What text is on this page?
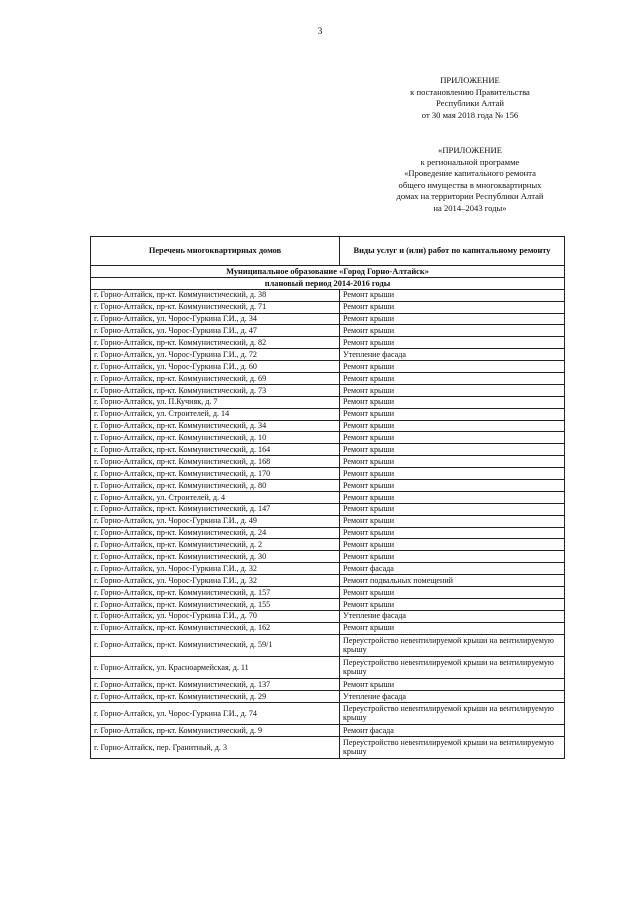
3
ПРИЛОЖЕНИЕ
к постановлению Правительства
Республики Алтай
от 30 мая 2018 года № 156
«ПРИЛОЖЕНИЕ
к региональной программе
«Проведение капитального ремонта
общего имущества в многоквартирных
домах на территории Республики Алтай
на 2014–2043 годы»
Перечень многоквартирных домов	Виды услуг и (или) работ по капитальному ремонту
Муниципальное образование «Город Горно-Алтайск»	
плановый период 2014-2016 годы	
г. Горно-Алтайск, пр-кт. Коммунистический, д. 38	Ремонт крыши
г. Горно-Алтайск, пр-кт. Коммунистический, д. 71	Ремонт крыши
г. Горно-Алтайск, ул. Чорос-Гуркина Г.И., д. 34	Ремонт крыши
г. Горно-Алтайск, ул. Чорос-Гуркина Г.И., д. 47	Ремонт крыши
г. Горно-Алтайск, пр-кт. Коммунистический, д. 82	Ремонт крыши
г. Горно-Алтайск, ул. Чорос-Гуркина Г.И., д. 72	Утепление фасада
г. Горно-Алтайск, ул. Чорос-Гуркина Г.И., д. 60	Ремонт крыши
г. Горно-Алтайск, пр-кт. Коммунистический, д. 69	Ремонт крыши
г. Горно-Алтайск, пр-кт. Коммунистический, д. 73	Ремонт крыши
г. Горно-Алтайск, ул. П.Кучияк, д. 7	Ремонт крыши
г. Горно-Алтайск, ул. Строителей, д. 14	Ремонт крыши
г. Горно-Алтайск, пр-кт. Коммунистический, д. 34	Ремонт крыши
г. Горно-Алтайск, пр-кт. Коммунистический, д. 10	Ремонт крыши
г. Горно-Алтайск, пр-кт. Коммунистический, д. 164	Ремонт крыши
г. Горно-Алтайск, пр-кт. Коммунистический, д. 168	Ремонт крыши
г. Горно-Алтайск, пр-кт. Коммунистический, д. 170	Ремонт крыши
г. Горно-Алтайск, пр-кт. Коммунистический, д. 80	Ремонт крыши
г. Горно-Алтайск, ул. Строителей, д. 4	Ремонт крыши
г. Горно-Алтайск, пр-кт. Коммунистический, д. 147	Ремонт крыши
г. Горно-Алтайск, ул. Чорос-Гуркина Г.И., д. 49	Ремонт крыши
г. Горно-Алтайск, пр-кт. Коммунистический, д. 24	Ремонт крыши
г. Горно-Алтайск, пр-кт. Коммунистический, д. 2	Ремонт крыши
г. Горно-Алтайск, пр-кт. Коммунистический, д. 30	Ремонт крыши
г. Горно-Алтайск, ул. Чорос-Гуркина Г.И., д. 32	Ремонт фасада
г. Горно-Алтайск, ул. Чорос-Гуркина Г.И., д. 32	Ремонт подвальных помещений
г. Горно-Алтайск, пр-кт. Коммунистический, д. 157	Ремонт крыши
г. Горно-Алтайск, пр-кт. Коммунистический, д. 155	Ремонт крыши
г. Горно-Алтайск, ул. Чорос-Гуркина Г.И., д. 70	Утепление фасада
г. Горно-Алтайск, пр-кт. Коммунистический, д. 162	Ремонт крыши
г. Горно-Алтайск, пр-кт. Коммунистический, д. 59/1	Переустройство невентилируемой крыши на вентилируемую крышу
г. Горно-Алтайск, ул. Красноармейская, д. 11	Переустройство невентилируемой крыши на вентилируемую крышу
г. Горно-Алтайск, пр-кт. Коммунистический, д. 137	Ремонт крыши
г. Горно-Алтайск, пр-кт. Коммунистический, д. 29	Утепление фасада
г. Горно-Алтайск, ул. Чорос-Гуркина Г.И., д. 74	Переустройство невентилируемой крыши на вентилируемую крышу
г. Горно-Алтайск, пр-кт. Коммунистический, д. 9	Ремонт фасада
г. Горно-Алтайск, пер. Гранитный, д. 3	Переустройство невентилируемой крыши на вентилируемую крышу
